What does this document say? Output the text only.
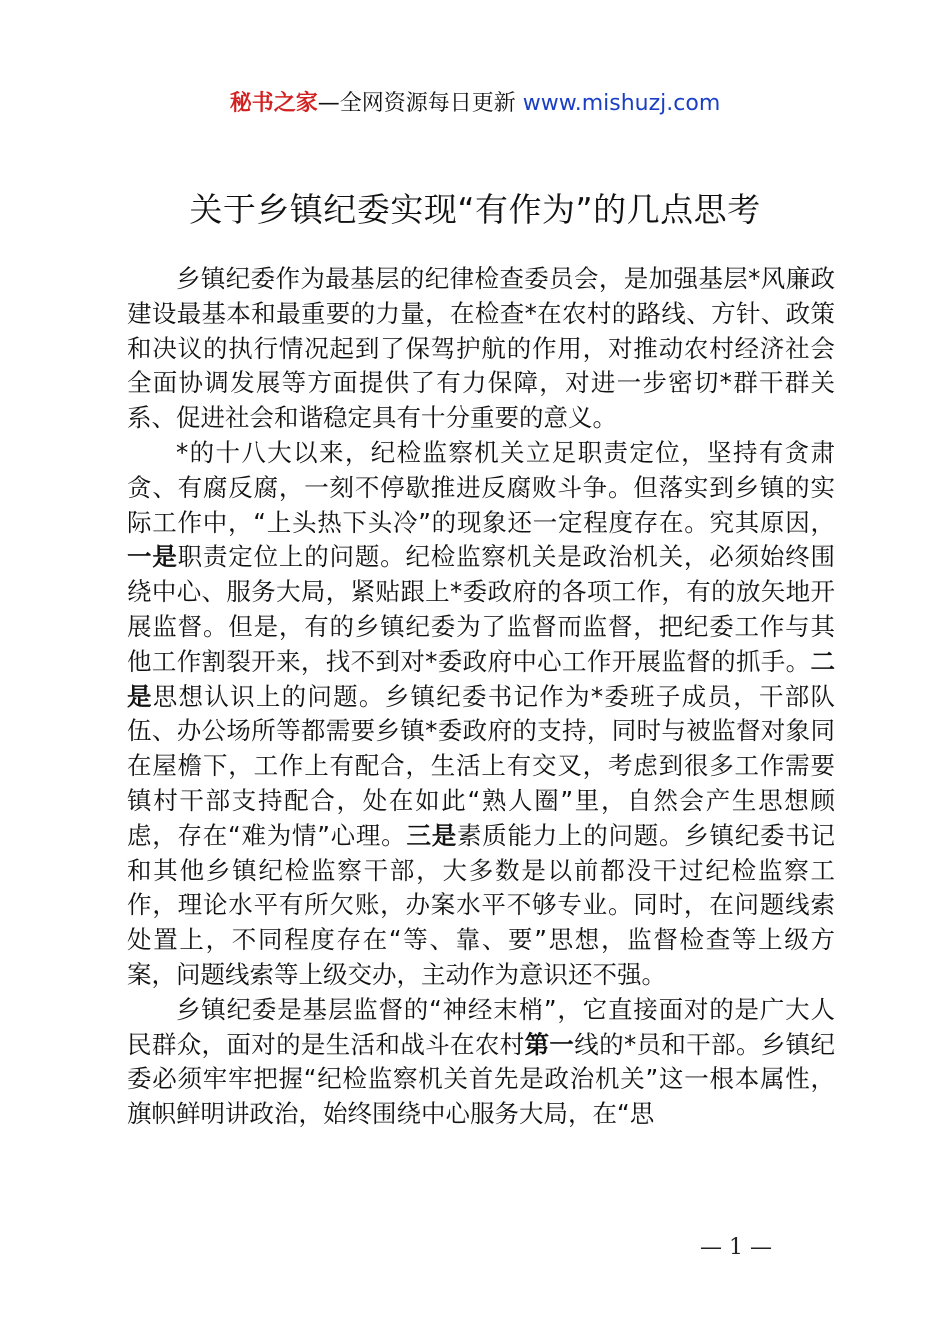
秘书之家—全网资源每日更新 www.mishuzj.com
关于乡镇纪委实现“有作为”的几点思考

乡镇纪委作为最基层的纪律检查委员会，是加强基层*风廉政建设最基本和最重要的力量，在检查*在农村的路线、方针、政策和决议的执行情况起到了保驾护航的作用，对推动农村经济社会全面协调发展等方面提供了有力保障，对进一步密切*群干群关系、促进社会和谐稳定具有十分重要的意义。

*的十八大以来，纪检监察机关立足职责定位，坚持有贪肃贪、有腐反腐，一刻不停歇推进反腐败斗争。但落实到乡镇的实际工作中，“上头热下头冷”的现象还一定程度存在。究其原因，一是职责定位上的问题。纪检监察机关是政治机关，必须始终围绕中心、服务大局，紧贴跟上*委政府的各项工作，有的放矢地开展监督。但是，有的乡镇纪委为了监督而监督，把纪委工作与其他工作割裂开来，找不到对*委政府中心工作开展监督的抓手。二是思想认识上的问题。乡镇纪委书记作为*委班子成员，干部队伍、办公场所等都需要乡镇*委政府的支持，同时与被监督对象同在屋檐下，工作上有配合，生活上有交叉，考虑到很多工作需要镇村干部支持配合，处在如此“熟人圈”里，自然会产生思想顾虑，存在“难为情”心理。三是素质能力上的问题。乡镇纪委书记和其他乡镇纪检监察干部，大多数是以前都没干过纪检监察工作，理论水平有所欠账，办案水平不够专业。同时，在问题线索处置上，不同程度存在“等、靠、要”思想，监督检查等上级方案，问题线索等上级交办，主动作为意识还不强。

乡镇纪委是基层监督的“神经末梢”，它直接面对的是广大人民群众，面对的是生活和战斗在农村第一线的*员和干部。乡镇纪委必须牢牢把握“纪检监察机关首先是政治机关”这一根本属性，旗帜鲜明讲政治，始终围绕中心服务大局，在“思

— 1 —
